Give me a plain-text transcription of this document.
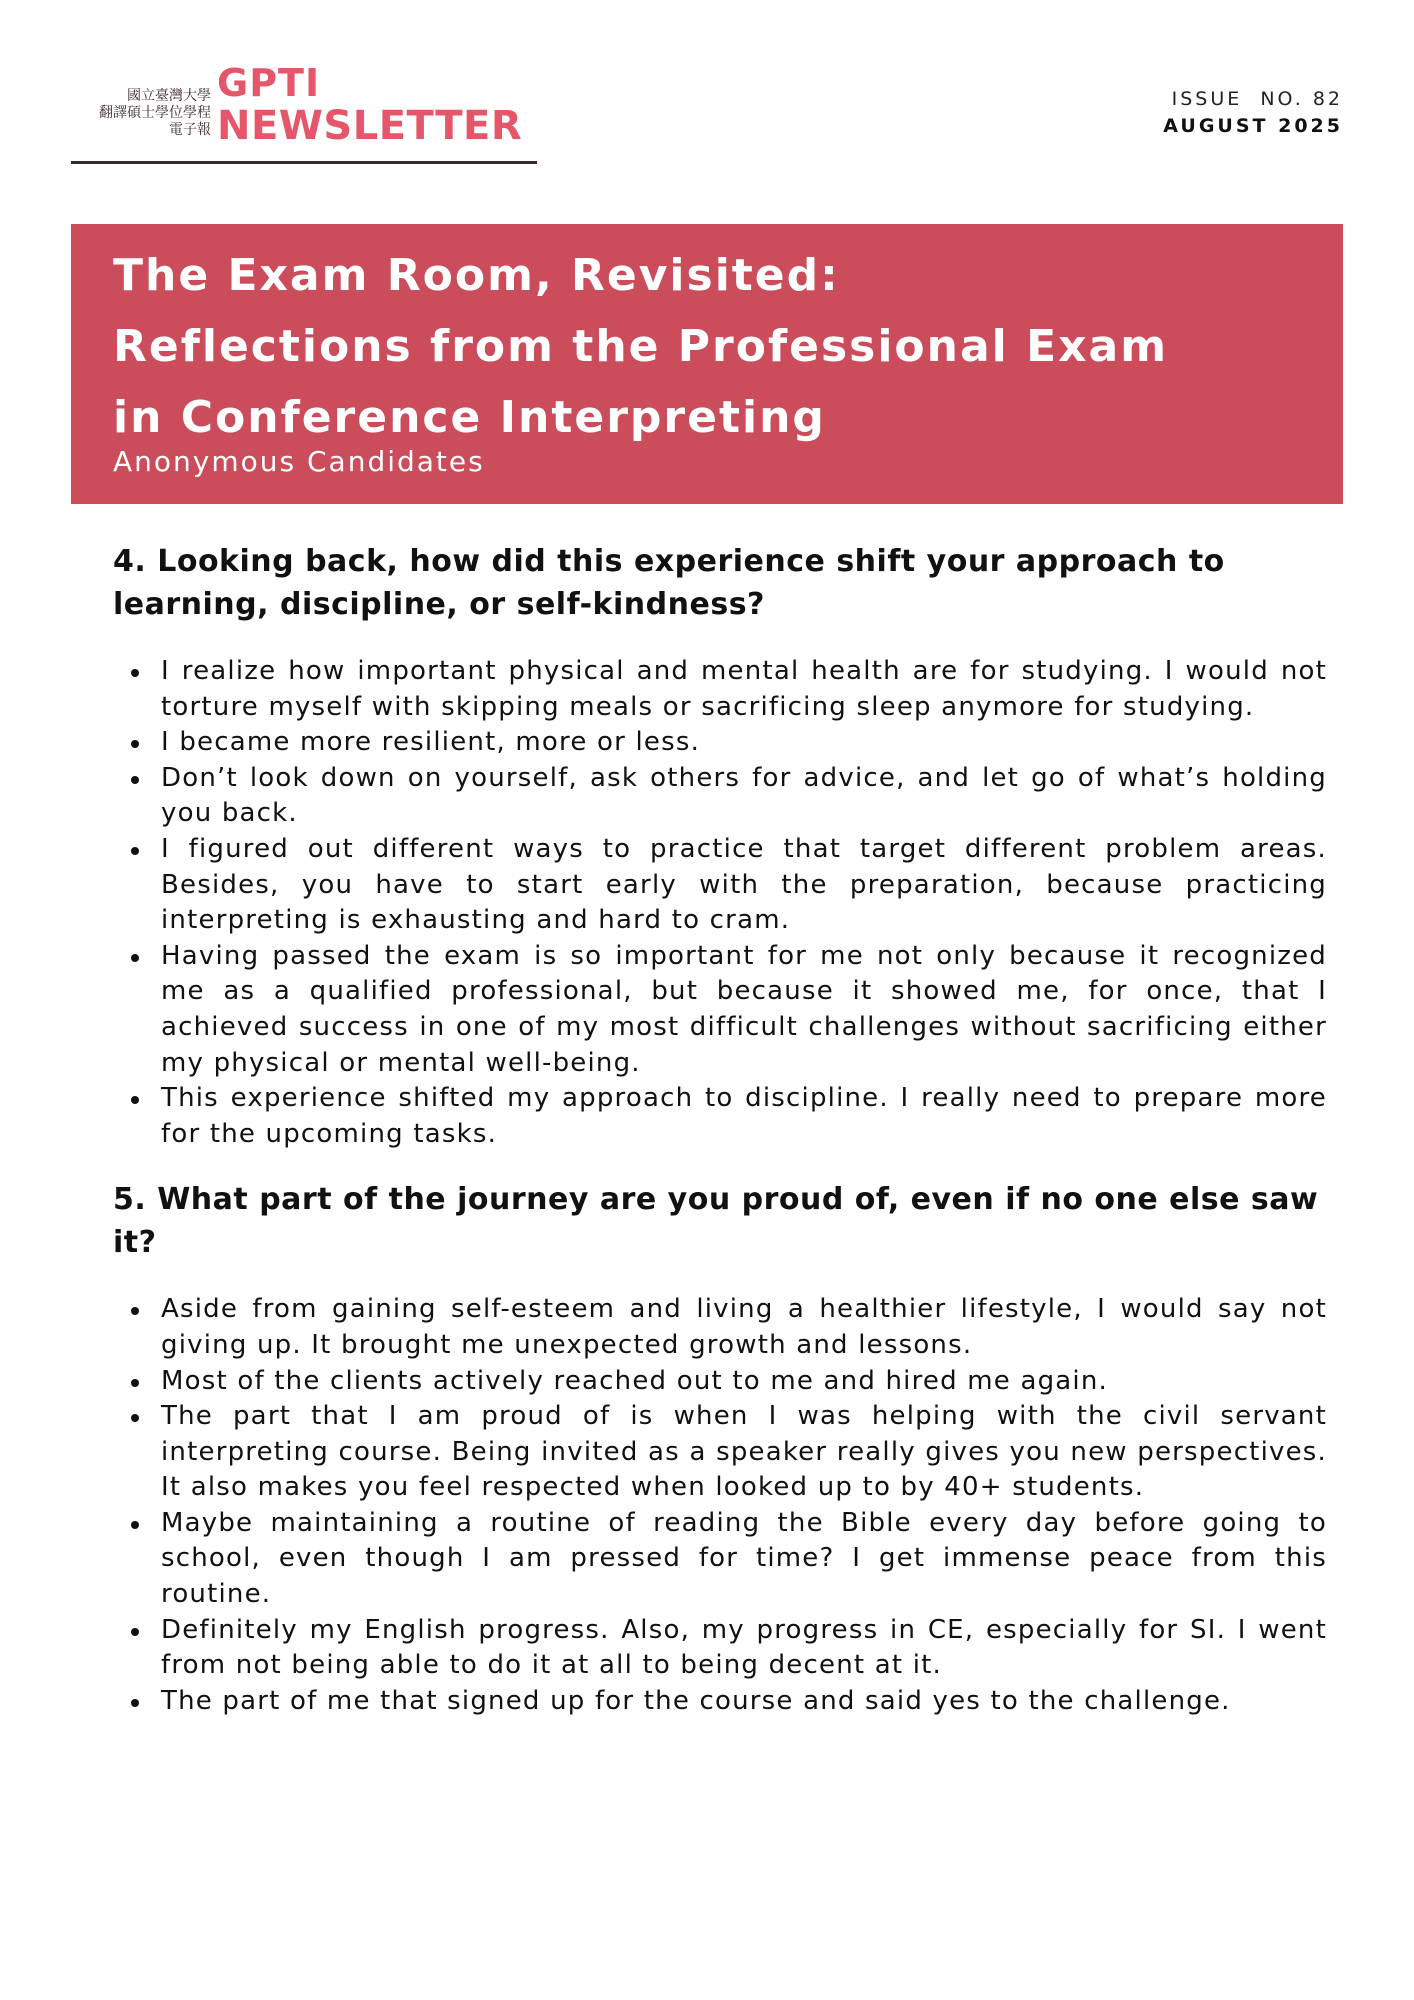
國立臺灣大學
翻譯碩士學位學程
電子報
GPTI
NEWSLETTER
ISSUE  NO. 82
AUGUST 2025
The Exam Room, Revisited:
Reflections from the Professional Exam
in Conference Interpreting
Anonymous Candidates
4. Looking back, how did this experience shift your approach to learning, discipline, or self-kindness?
I realize how important physical and mental health are for studying. I would not torture myself with skipping meals or sacrificing sleep anymore for studying.
I became more resilient, more or less.
Don’t look down on yourself, ask others for advice, and let go of what’s holding you back.
I figured out different ways to practice that target different problem areas. Besides, you have to start early with the preparation, because practicing interpreting is exhausting and hard to cram.
Having passed the exam is so important for me not only because it recognized me as a qualified professional, but because it showed me, for once, that I achieved success in one of my most difficult challenges without sacrificing either my physical or mental well-being.
This experience shifted my approach to discipline. I really need to prepare more for the upcoming tasks.
5. What part of the journey are you proud of, even if no one else saw it?
Aside from gaining self-esteem and living a healthier lifestyle, I would say not giving up. It brought me unexpected growth and lessons.
Most of the clients actively reached out to me and hired me again.
The part that I am proud of is when I was helping with the civil servant interpreting course. Being invited as a speaker really gives you new perspectives. It also makes you feel respected when looked up to by 40+ students.
Maybe maintaining a routine of reading the Bible every day before going to school, even though I am pressed for time? I get immense peace from this routine.
Definitely my English progress. Also, my progress in CE, especially for SI. I went from not being able to do it at all to being decent at it.
The part of me that signed up for the course and said yes to the challenge.
